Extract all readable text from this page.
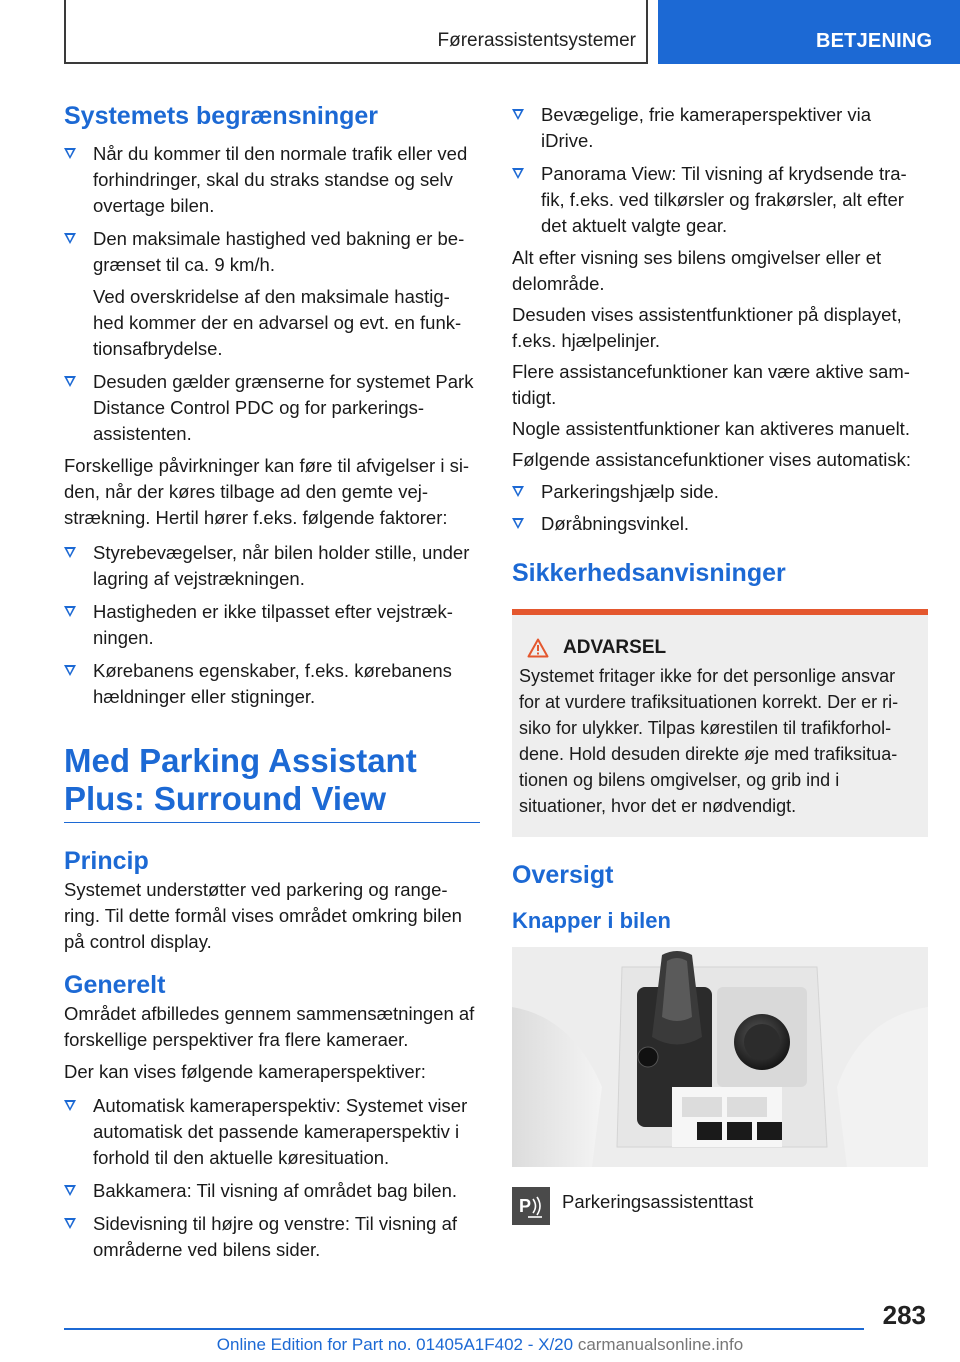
Førerassistentsystemer	BETJENING
Systemets begrænsninger

Når du kommer til den normale trafik eller ved forhindringer, skal du straks standse og selv overtage bilen.

Den maksimale hastighed ved bakning er be-grænset til ca. 9 km/h.

Ved overskridelse af den maksimale hastig-hed kommer der en advarsel og evt. en funk-tionsafbrydelse.

Desuden gælder grænserne for systemet Park Distance Control PDC og for parkerings-assistenten.

Forskellige påvirkninger kan føre til afvigelser i si-den, når der køres tilbage ad den gemte vej-strækning. Hertil hører f.eks. følgende faktorer:

Styrebevægelser, når bilen holder stille, under lagring af vejstrækningen.

Hastigheden er ikke tilpasset efter vejstræk-ningen.

Kørebanens egenskaber, f.eks. kørebanens hældninger eller stigninger.

Med Parking Assistant Plus: Surround View
Princip

Systemet understøtter ved parkering og range-ring. Til dette formål vises området omkring bilen på control display.

Generelt

Området afbilledes gennem sammensætningen af forskellige perspektiver fra flere kameraer.

Der kan vises følgende kameraperspektiver:

Automatisk kameraperspektiv: Systemet viser automatisk det passende kameraperspektiv i forhold til den aktuelle køresituation.

Bakkamera: Til visning af området bag bilen.

Sidevisning til højre og venstre: Til visning af områderne ved bilens sider.

Bevægelige, frie kameraperspektiver via iDrive.

Panorama View: Til visning af krydsende tra-fik, f.eks. ved tilkørsler og frakørsler, alt efter det aktuelt valgte gear.

Alt efter visning ses bilens omgivelser eller et delområde.

Desuden vises assistentfunktioner på displayet, f.eks. hjælpelinjer.

Flere assistancefunktioner kan være aktive sam-tidigt.

Nogle assistentfunktioner kan aktiveres manuelt.

Følgende assistancefunktioner vises automatisk:

Parkeringshjælp side.

Døråbningsvinkel.

Sikkerhedsanvisninger
ADVARSEL

Systemet fritager ikke for det personlige ansvar for at vurdere trafiksituationen korrekt. Der er ri-siko for ulykker. Tilpas kørestilen til trafikforhol-dene. Hold desuden direkte øje med trafiksitua-tionen og bilens omgivelser, og grib ind i situationer, hvor det er nødvendigt.

Oversigt
Knapper i bilen
P Parkeringsassistenttast
283
Online Edition for Part no. 01405A1F402 - X/20 carmanualsonline.info
